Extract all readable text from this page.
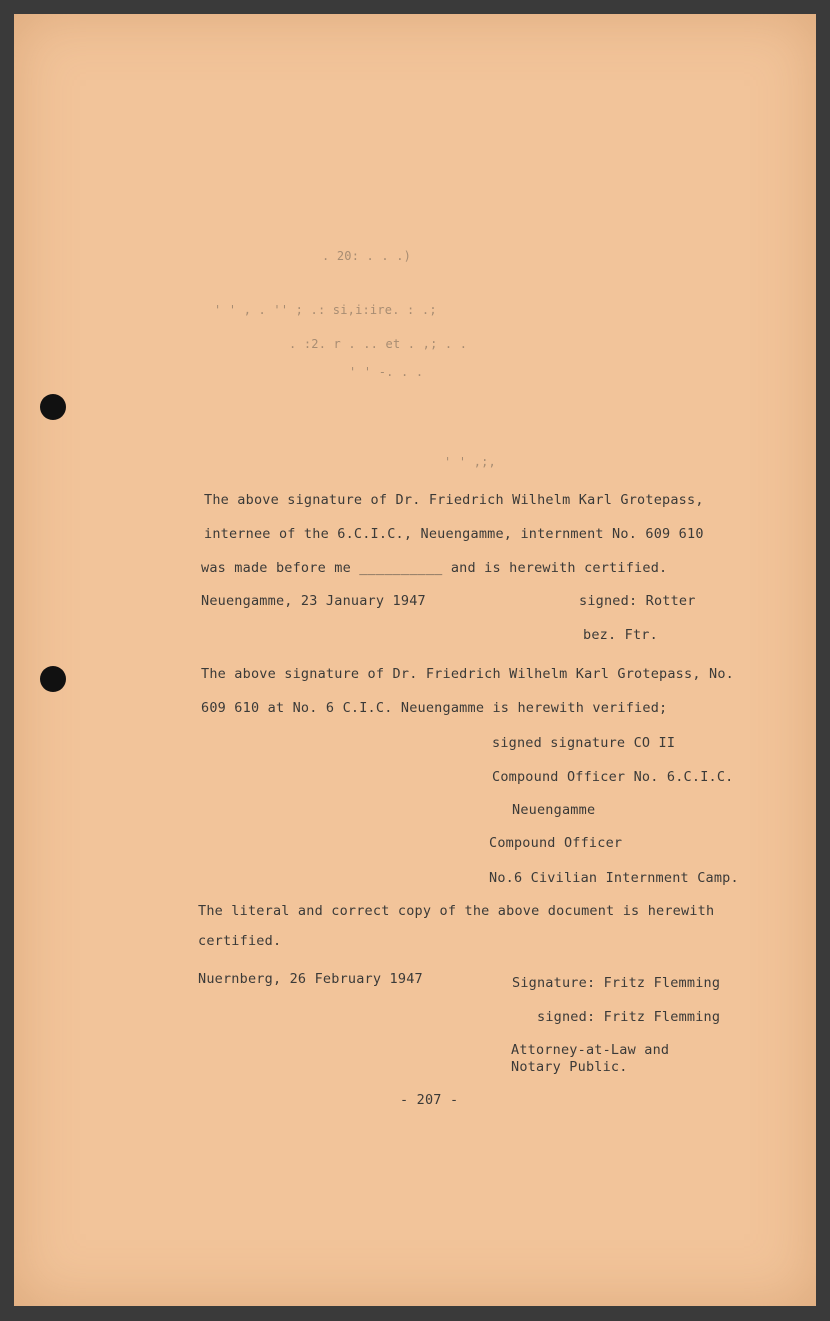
. 20: . . .)
' ' , . '' ; .: si,i:ire. : .;
. :2. r . .. et . ,; . .
' ' -. . .
' ' ,;,
The above signature of Dr. Friedrich Wilhelm Karl Grotepass,
internee of the 6.C.I.C., Neuengamme, internment No. 609 610
was made before me __________ and is herewith certified.
Neuengamme, 23 January 1947	signed: Rotter
bez. Ftr.
The above signature of Dr. Friedrich Wilhelm Karl Grotepass, No.
609 610 at No. 6 C.I.C. Neuengamme is herewith verified;
signed signature CO II
Compound Officer No. 6.C.I.C.
Neuengamme
Compound Officer
No.6 Civilian Internment Camp.
The literal and correct copy of the above document is herewith
certified.
Nuernberg, 26 February 1947	Signature: Fritz Flemming
signed: Fritz Flemming
Attorney-at-Law and
Notary Public.
- 207 -
